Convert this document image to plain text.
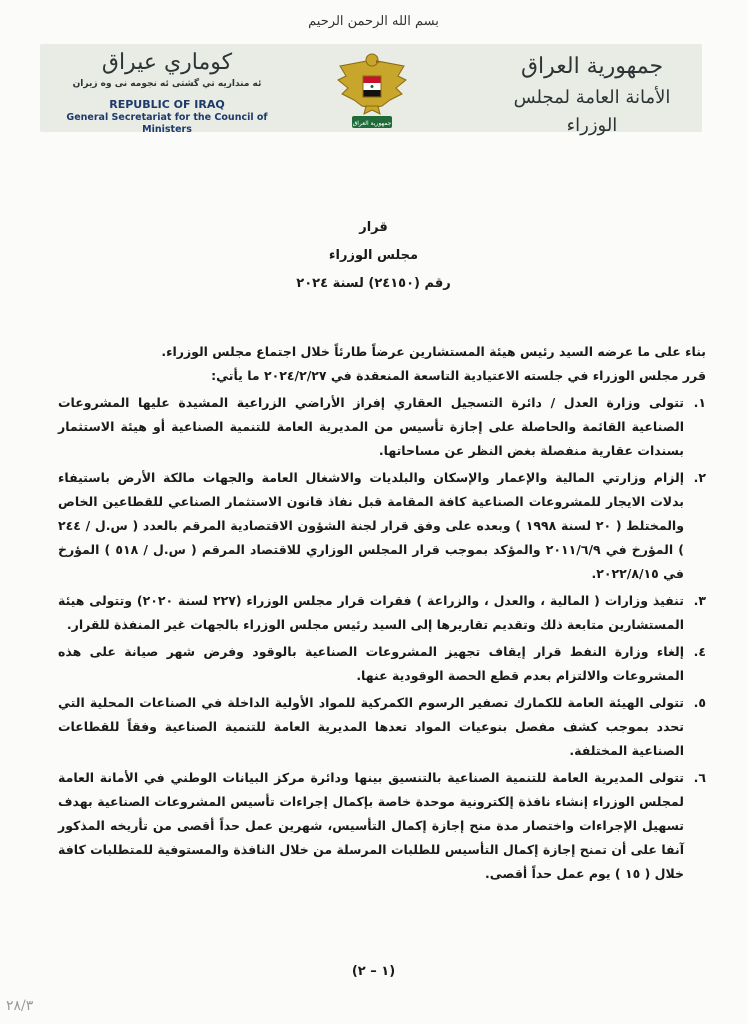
بسم الله الرحمن الرحيم
كوماري عيراق
ئه منداريه تي گشتى ئه نجومه نى وه زيران
REPUBLIC OF IRAQ
General Secretariat for the Council of Ministers
جمهورية العراق
جمهورية العراق
الأمانة العامة لمجلس الوزراء
قرار
مجلس الوزراء
رقم (٢٤١٥٠) لسنة ٢٠٢٤

بناء على ما عرضه السيد رئيس هيئة المستشارين عرضاً طارئاً خلال اجتماع مجلس الوزراء.

قرر مجلس الوزراء في جلسته الاعتيادية التاسعة المنعقدة في ٢٠٢٤/٢/٢٧ ما يأتي:

١.
تتولى وزارة العدل / دائرة التسجيل العقاري إفراز الأراضي الزراعية المشيدة عليها المشروعات الصناعية القائمة والحاصلة على إجازة تأسيس من المديرية العامة للتنمية الصناعية أو هيئة الاستثمار بسندات عقارية منفصلة بغض النظر عن مساحاتها.
٢.
إلزام وزارتي المالية والإعمار والإسكان والبلديات والاشغال العامة والجهات مالكة الأرض باستيفاء بدلات الايجار للمشروعات الصناعية كافة المقامة قبل نفاذ قانون الاستثمار الصناعي للقطاعين الخاص والمختلط ( ٢٠ لسنة ١٩٩٨ ) وبعده على وفق قرار لجنة الشؤون الاقتصادية المرقم بالعدد ( س.ل / ٢٤٤ ) المؤرخ في ٢٠١١/٦/٩ والمؤكد بموجب قرار المجلس الوزاري للاقتصاد المرقم ( س.ل / ٥١٨ ) المؤرخ في ٢٠٢٢/٨/١٥.
٣.
تنفيذ وزارات ( المالية ، والعدل ، والزراعة ) فقرات قرار مجلس الوزراء (٢٢٧ لسنة ٢٠٢٠) وتتولى هيئة المستشارين متابعة ذلك وتقديم تقاريرها إلى السيد رئيس مجلس الوزراء بالجهات غير المنفذة للقرار.
٤.
إلغاء وزارة النفط قرار إيقاف تجهيز المشروعات الصناعية بالوقود وفرض شهر صيانة على هذه المشروعات والالتزام بعدم قطع الحصة الوقودية عنها.
٥.
تتولى الهيئة العامة للكمارك تصفير الرسوم الكمركية للمواد الأولية الداخلة في الصناعات المحلية التي تحدد بموجب كشف مفصل بنوعيات المواد تعدها المديرية العامة للتنمية الصناعية وفقاً للقطاعات الصناعية المختلفة.
٦.
تتولى المديرية العامة للتنمية الصناعية بالتنسيق بينها ودائرة مركز البيانات الوطني في الأمانة العامة لمجلس الوزراء إنشاء نافذة إلكترونية موحدة خاصة بإكمال إجراءات تأسيس المشروعات الصناعية بهدف تسهيل الإجراءات واختصار مدة منح إجازة إكمال التأسيس، شهرين عمل حداً أقصى من تأريخه المذكور آنفا على أن تمنح إجازة إكمال التأسيس للطلبات المرسلة من خلال النافذة والمستوفية للمتطلبات كافة خلال ( ١٥ ) يوم عمل حداً أقصى.
(١ – ٢)
٢٨/٣
